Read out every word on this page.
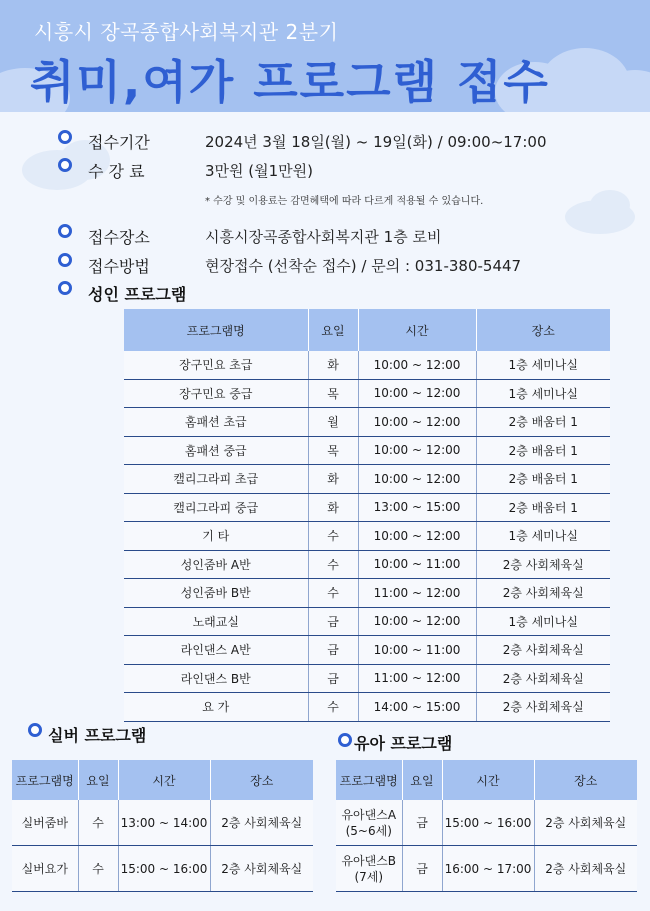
시흥시 장곡종합사회복지관 2분기
취미,여가 프로그램 접수
접수기간	2024년 3월 18일(월) ~ 19일(화) / 09:00~17:00
수 강 료	3만원 (월1만원)
* 수강 및 이용료는 감면혜택에 따라 다르게 적용될 수 있습니다.
접수장소	시흥시장곡종합사회복지관 1층 로비
접수방법	현장접수 (선착순 접수) / 문의 : 031-380-5447
성인 프로그램
프로그램명	요일	시간	장소
장구민요 초급	화	10:00 ~ 12:00	1층 세미나실
장구민요 중급	목	10:00 ~ 12:00	1층 세미나실
홈패션 초급	월	10:00 ~ 12:00	2층 배움터 1
홈패션 중급	목	10:00 ~ 12:00	2층 배움터 1
캘리그라피 초급	화	10:00 ~ 12:00	2층 배움터 1
캘리그라피 중급	화	13:00 ~ 15:00	2층 배움터 1
기 타	수	10:00 ~ 12:00	1층 세미나실
성인줌바 A반	수	10:00 ~ 11:00	2층 사회체육실
성인줌바 B반	수	11:00 ~ 12:00	2층 사회체육실
노래교실	금	10:00 ~ 12:00	1층 세미나실
라인댄스 A반	금	10:00 ~ 11:00	2층 사회체육실
라인댄스 B반	금	11:00 ~ 12:00	2층 사회체육실
요 가	수	14:00 ~ 15:00	2층 사회체육실
실버 프로그램
프로그램명	요일	시간	장소
실버줌바	수	13:00 ~ 14:00	2층 사회체육실
실버요가	수	15:00 ~ 16:00	2층 사회체육실
유아 프로그램
프로그램명	요일	시간	장소
유아댄스A
(5~6세)	금	15:00 ~ 16:00	2층 사회체육실
유아댄스B
(7세)	금	16:00 ~ 17:00	2층 사회체육실
